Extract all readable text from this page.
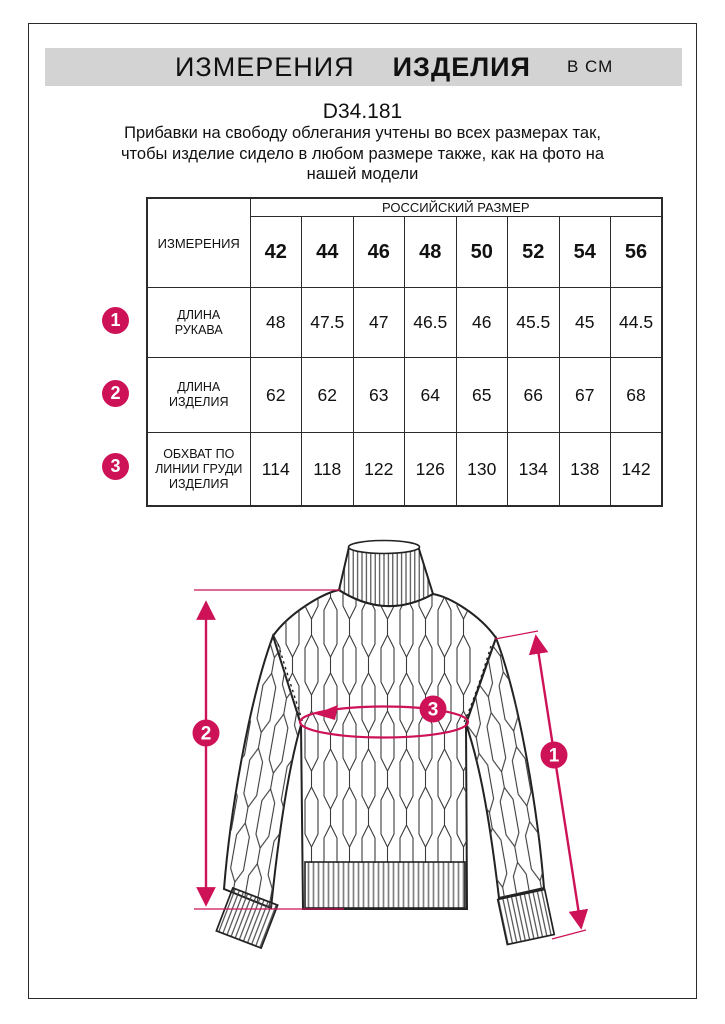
ИЗМЕРЕНИЯ ИЗДЕЛИЯ В СМ
D34.181
Прибавки на свободу облегания учтены во всех размерах так, чтобы изделие сидело в любом размере также, как на фото на нашей модели
1
2
3
ИЗМЕРЕНИЯ	РОССИЙСКИЙ РАЗМЕР							
	42	44	46	48	50	52	54	56
ДЛИНА РУКАВА	48	47.5	47	46.5	46	45.5	45	44.5
ДЛИНА ИЗДЕЛИЯ	62	62	63	64	65	66	67	68
ОБХВАТ ПО ЛИНИИ ГРУДИ ИЗДЕЛИЯ	114	118	122	126	130	134	138	142
2
1
3
